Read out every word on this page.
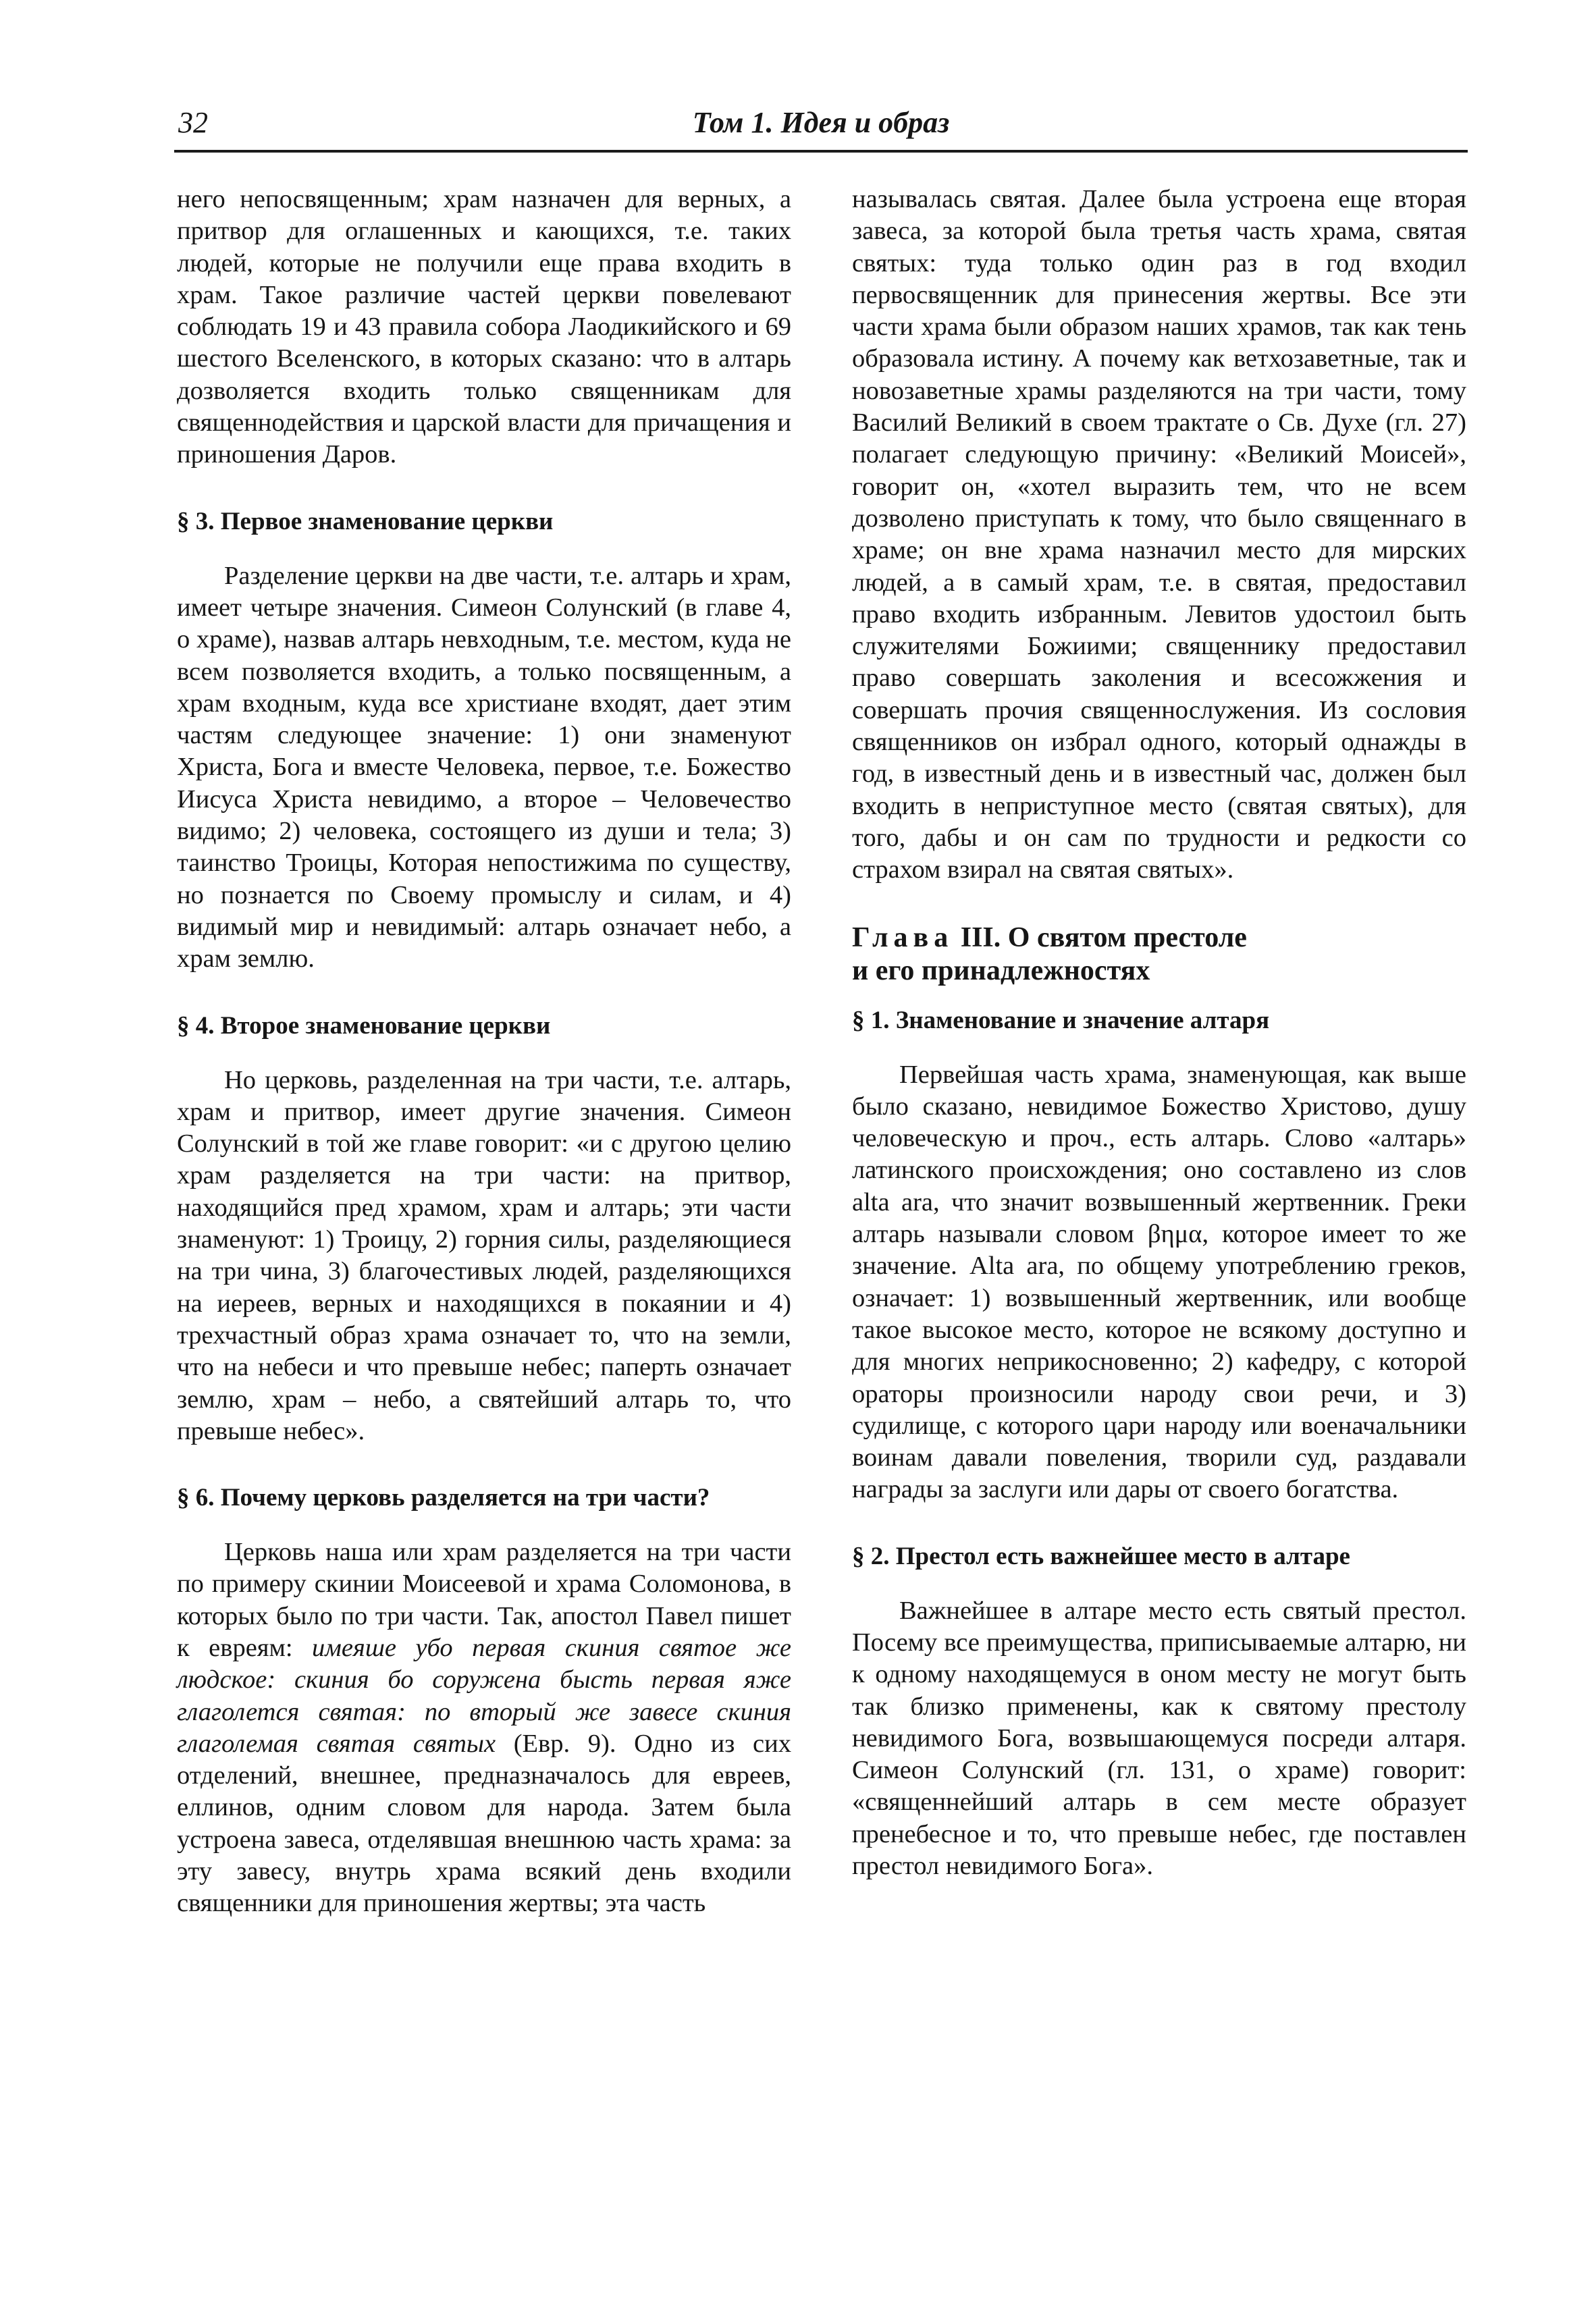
32	Том 1. Идея и образ

него непосвященным; храм назначен для верных, а притвор для оглашенных и кающихся, т.е. таких людей, которые не получили еще права входить в храм. Такое различие частей церкви повелевают соблюдать 19 и 43 правила собора Лаодикийского и 69 шестого Вселенского, в которых сказано: что в алтарь дозволяется входить только священникам для священнодействия и царской власти для причащения и приношения Даров.

§ 3. Первое знаменование церкви

Разделение церкви на две части, т.е. алтарь и храм, имеет четыре значения. Симеон Солунский (в главе 4, о храме), назвав алтарь невходным, т.е. местом, куда не всем позволяется входить, а только посвященным, а храм входным, куда все христиане входят, дает этим частям следующее значение: 1) они знаменуют Христа, Бога и вместе Человека, первое, т.е. Божество Иисуса Христа невидимо, а второе – Человечество видимо; 2) человека, состоящего из души и тела; 3) таинство Троицы, Которая непостижима по существу, но познается по Своему промыслу и силам, и 4) видимый мир и невидимый: алтарь означает небо, а храм землю.

§ 4. Второе знаменование церкви

Но церковь, разделенная на три части, т.е. алтарь, храм и притвор, имеет другие значения. Симеон Солунский в той же главе говорит: «и с другою целию храм разделяется на три части: на притвор, находящийся пред храмом, храм и алтарь; эти части знаменуют: 1) Троицу, 2) горния силы, разделяющиеся на три чина, 3) благочестивых людей, разделяющихся на иереев, верных и находящихся в покаянии и 4) трехчастный образ храма означает то, что на земли, что на небеси и что превыше небес; паперть означает землю, храм – небо, а святейший алтарь то, что превыше небес».

§ 6. Почему церковь разделяется на три части?

Церковь наша или храм разделяется на три части по примеру скинии Моисеевой и храма Соломонова, в которых было по три части. Так, апостол Павел пишет к евреям: имеяше убо первая скиния святое же людское: скиния бо соружена бысть первая яже глаголется святая: по вторый же завесе скиния глаголемая святая святых (Евр. 9). Одно из сих отделений, внешнее, предназначалось для евреев, еллинов, одним словом для народа. Затем была устроена завеса, отделявшая внешнюю часть храма: за эту завесу, внутрь храма всякий день входили священники для приношения жертвы; эта часть

называлась святая. Далее была устроена еще вторая завеса, за которой была третья часть храма, святая святых: туда только один раз в год входил первосвященник для принесения жертвы. Все эти части храма были образом наших храмов, так как тень образовала истину. А почему как ветхозаветные, так и новозаветные храмы разделяются на три части, тому Василий Великий в своем трактате о Св. Духе (гл. 27) полагает следующую причину: «Великий Моисей», говорит он, «хотел выразить тем, что не всем дозволено приступать к тому, что было священнаго в храме; он вне храма назначил место для мирских людей, а в самый храм, т.е. в святая, предоставил право входить избранным. Левитов удостоил быть служителями Божиими; священнику предоставил право совершать заколения и всесожжения и совершать прочия священнослужения. Из сословия священников он избрал одного, который однажды в год, в известный день и в известный час, должен был входить в неприступное место (святая святых), для того, дабы и он сам по трудности и редкости со страхом взирал на святая святых».

Глава III. О святом престоле

и его принадлежностях

§ 1. Знаменование и значение алтаря

Первейшая часть храма, знаменующая, как выше было сказано, невидимое Божество Христово, душу человеческую и проч., есть алтарь. Слово «алтарь» латинского происхождения; оно составлено из слов alta ara, что значит возвышенный жертвенник. Греки алтарь называли словом βημα, которое имеет то же значение. Alta ara, по общему употреблению греков, означает: 1) возвышенный жертвенник, или вообще такое высокое место, которое не всякому доступно и для многих неприкосновенно; 2) кафедру, с которой ораторы произносили народу свои речи, и 3) судилище, с которого цари народу или военачальники воинам давали повеления, творили суд, раздавали награды за заслуги или дары от своего богатства.

§ 2. Престол есть важнейшее место в алтаре

Важнейшее в алтаре место есть святый престол. Посему все преимущества, приписываемые алтарю, ни к одному находящемуся в оном месту не могут быть так близко применены, как к святому престолу невидимого Бога, возвышающемуся посреди алтаря. Симеон Солунский (гл. 131, о храме) говорит: «священнейший алтарь в сем месте образует пренебесное и то, что превыше небес, где поставлен престол невидимого Бога».
